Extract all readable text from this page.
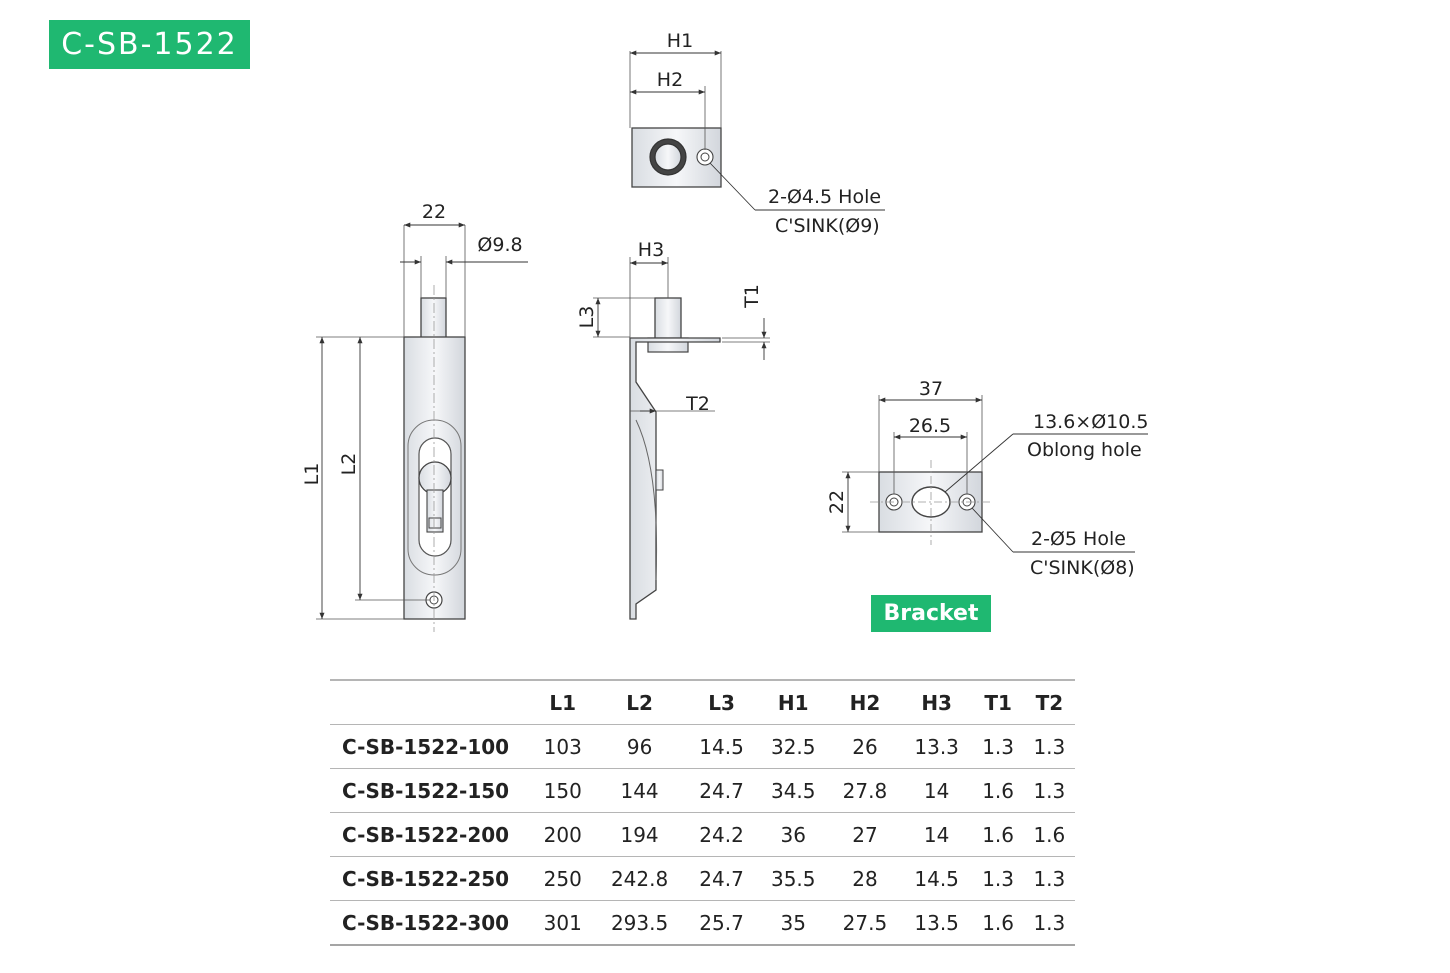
C-SB-1522
22
Ø9.8
L1 L2
H1
H2
H3
L3
T1
T2
2-Ø4.5 Hole
C'SINK(Ø9)
37
26.5
22
13.6×Ø10.5
Oblong hole
2-Ø5 Hole
C'SINK(Ø8)
Bracket
	L1	L2	L3	H1	H2	H3	T1	T2
C-SB-1522-100	103	96	14.5	32.5	26	13.3	1.3	1.3
C-SB-1522-150	150	144	24.7	34.5	27.8	14	1.6	1.3
C-SB-1522-200	200	194	24.2	36	27	14	1.6	1.6
C-SB-1522-250	250	242.8	24.7	35.5	28	14.5	1.3	1.3
C-SB-1522-300	301	293.5	25.7	35	27.5	13.5	1.6	1.3
